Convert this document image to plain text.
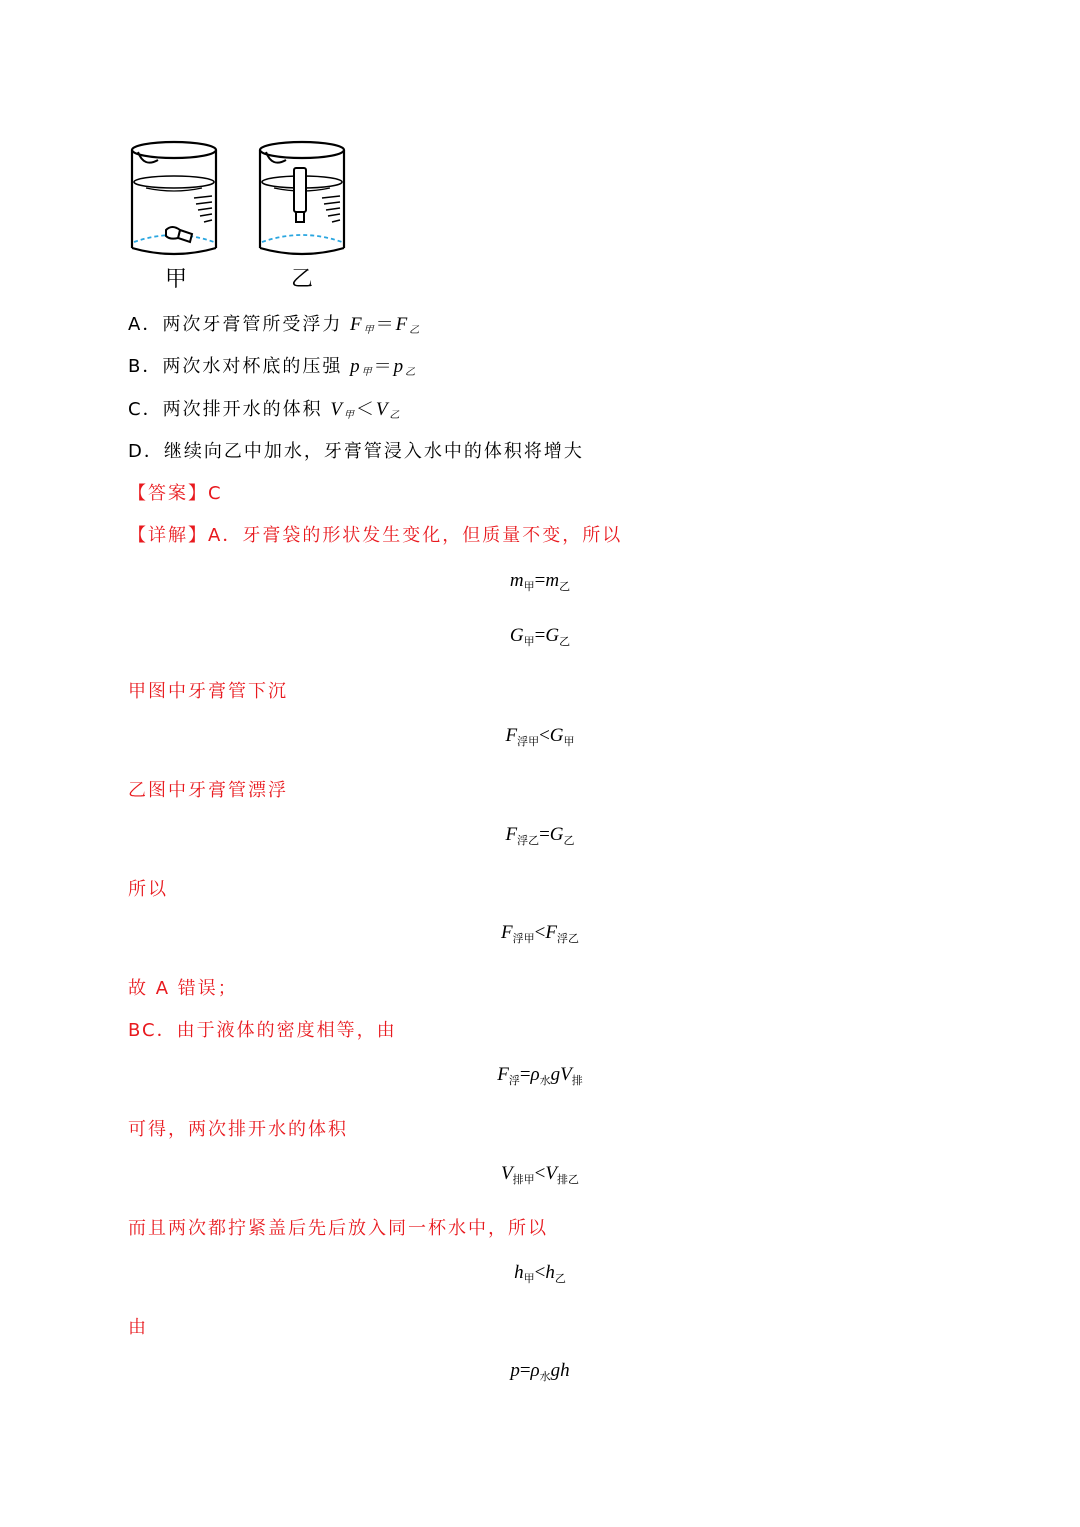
甲	乙
A．两次牙膏管所受浮力 $F_甲=F_乙$
B．两次水对杯底的压强 $p_甲=p_乙$
C．两次排开水的体积 $V_甲<V_乙$
D．继续向乙中加水，牙膏管浸入水中的体积将增大
【答案】C
【详解】A．牙膏袋的形状发生变化，但质量不变，所以
$m_甲=m_乙$
$G_甲=G_乙$
甲图中牙膏管下沉
$F_{浮甲}<G_甲$
乙图中牙膏管漂浮
$F_{浮乙}=G_乙$
所以
$F_{浮甲}<F_{浮乙}$
故 A 错误；
BC．由于液体的密度相等，由
$F_浮=\rho_水gV_排$
可得，两次排开水的体积
$V_{排甲}<V_{排乙}$
而且两次都拧紧盖后先后放入同一杯水中，所以
$h_甲<h_乙$
由
$p=\rho_水gh$
